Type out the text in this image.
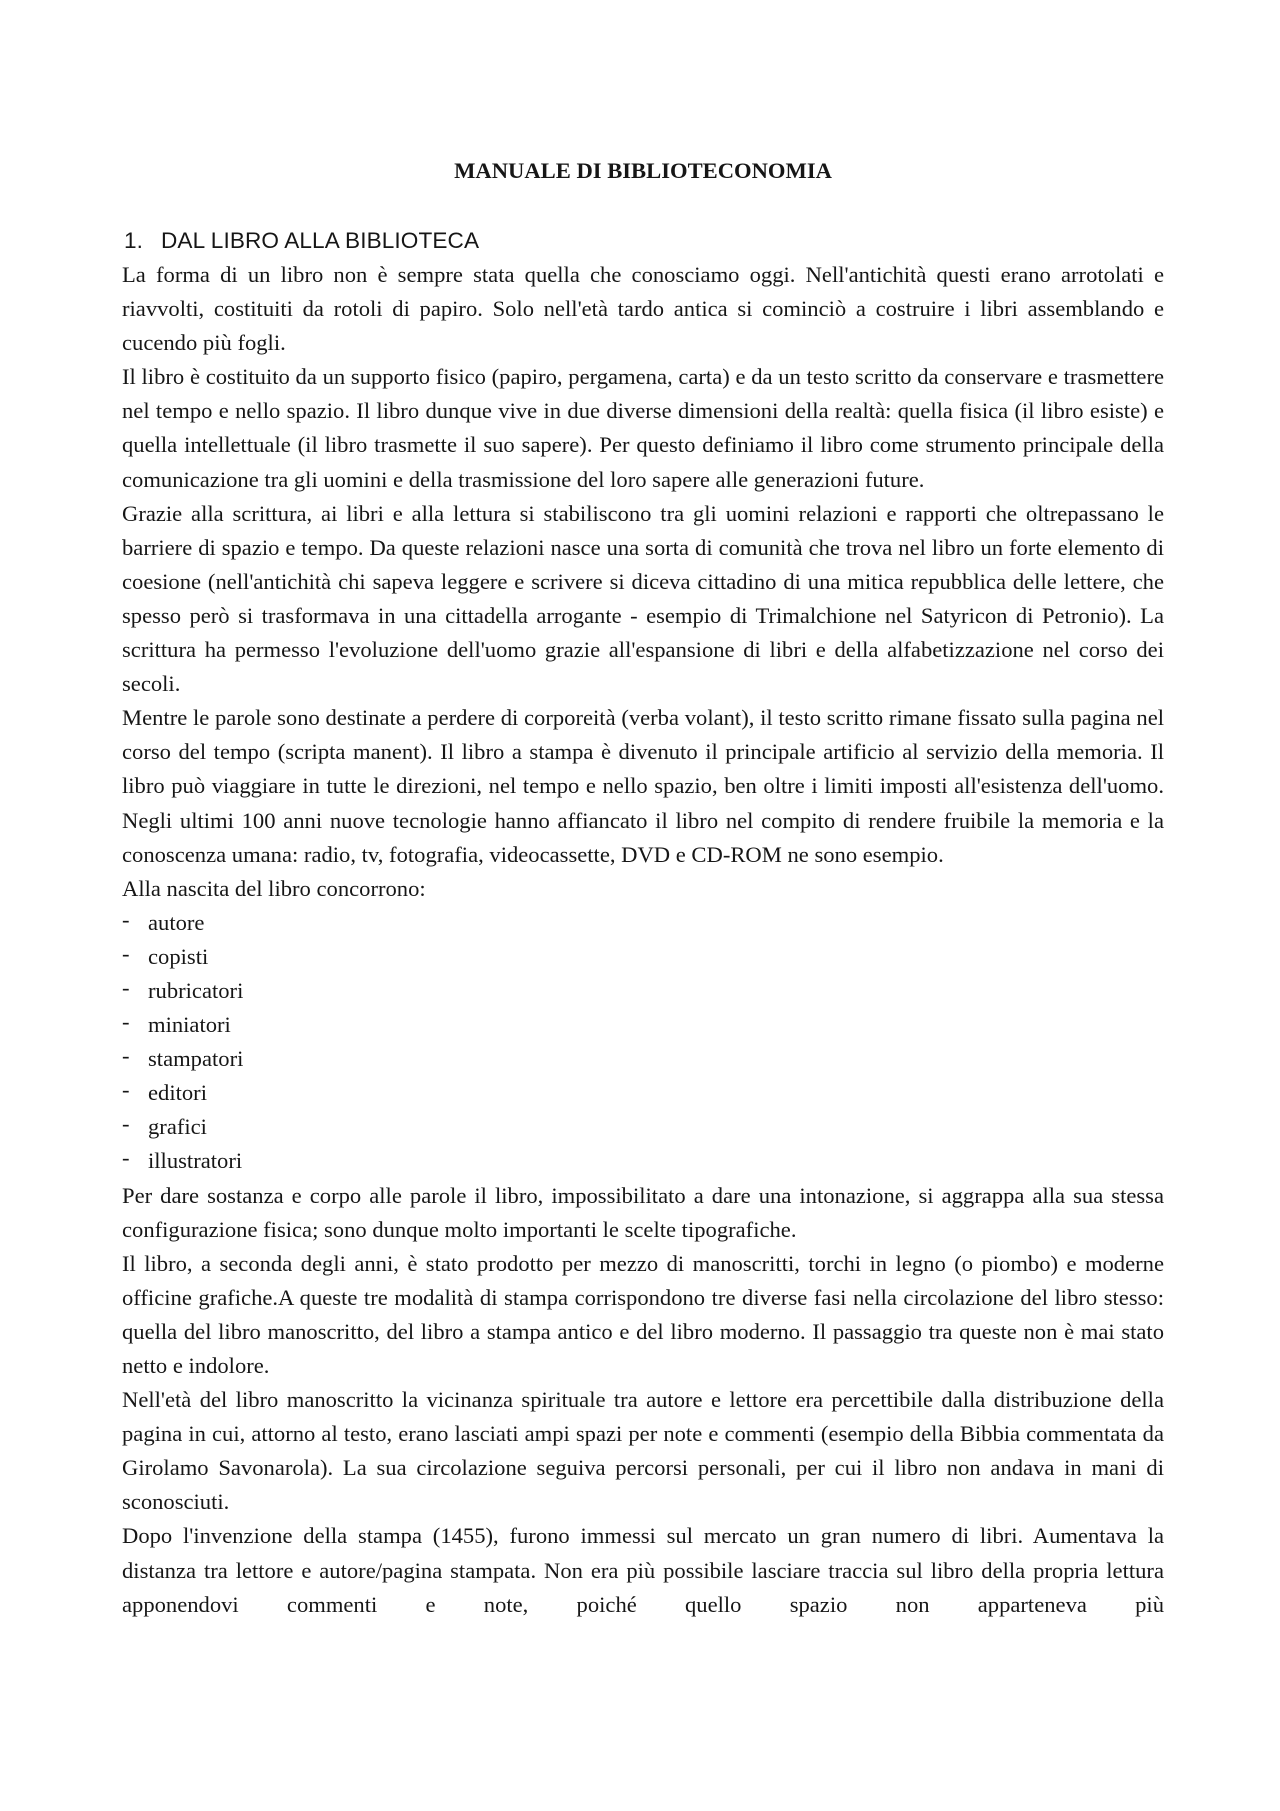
MANUALE DI BIBLIOTECONOMIA
1. DAL LIBRO ALLA BIBLIOTECA

La forma di un libro non è sempre stata quella che conosciamo oggi. Nell'antichità questi erano arrotolati e riavvolti, costituiti da rotoli di papiro. Solo nell'età tardo antica si cominciò a costruire i libri assemblando e cucendo più fogli.

Il libro è costituito da un supporto fisico (papiro, pergamena, carta) e da un testo scritto da conservare e trasmettere nel tempo e nello spazio. Il libro dunque vive in due diverse dimensioni della realtà: quella fisica (il libro esiste) e quella intellettuale (il libro trasmette il suo sapere). Per questo definiamo il libro come strumento principale della comunicazione tra gli uomini e della trasmissione del loro sapere alle generazioni future.

Grazie alla scrittura, ai libri e alla lettura si stabiliscono tra gli uomini relazioni e rapporti che oltrepassano le barriere di spazio e tempo. Da queste relazioni nasce una sorta di comunità che trova nel libro un forte elemento di coesione (nell'antichità chi sapeva leggere e scrivere si diceva cittadino di una mitica repubblica delle lettere, che spesso però si trasformava in una cittadella arrogante - esempio di Trimalchione nel Satyricon di Petronio). La scrittura ha permesso l'evoluzione dell'uomo grazie all'espansione di libri e della alfabetizzazione nel corso dei secoli.

Mentre le parole sono destinate a perdere di corporeità (verba volant), il testo scritto rimane fissato sulla pagina nel corso del tempo (scripta manent). Il libro a stampa è divenuto il principale artificio al servizio della memoria. Il libro può viaggiare in tutte le direzioni, nel tempo e nello spazio, ben oltre i limiti imposti all'esistenza dell'uomo. Negli ultimi 100 anni nuove tecnologie hanno affiancato il libro nel compito di rendere fruibile la memoria e la conoscenza umana: radio, tv, fotografia, videocassette, DVD e CD-ROM ne sono esempio.

Alla nascita del libro concorrono:

- autore
- copisti
- rubricatori
- miniatori
- stampatori
- editori
- grafici
- illustratori

Per dare sostanza e corpo alle parole il libro, impossibilitato a dare una intonazione, si aggrappa alla sua stessa configurazione fisica; sono dunque molto importanti le scelte tipografiche.

Il libro, a seconda degli anni, è stato prodotto per mezzo di manoscritti, torchi in legno (o piombo) e moderne officine grafiche.A queste tre modalità di stampa corrispondono tre diverse fasi nella circolazione del libro stesso: quella del libro manoscritto, del libro a stampa antico e del libro moderno. Il passaggio tra queste non è mai stato netto e indolore.

Nell'età del libro manoscritto la vicinanza spirituale tra autore e lettore era percettibile dalla distribuzione della pagina in cui, attorno al testo, erano lasciati ampi spazi per note e commenti (esempio della Bibbia commentata da Girolamo Savonarola). La sua circolazione seguiva percorsi personali, per cui il libro non andava in mani di sconosciuti.

Dopo l'invenzione della stampa (1455), furono immessi sul mercato un gran numero di libri. Aumentava la distanza tra lettore e autore/pagina stampata. Non era più possibile lasciare traccia sul libro della propria lettura apponendovi commenti e note, poiché quello spazio non apparteneva più
